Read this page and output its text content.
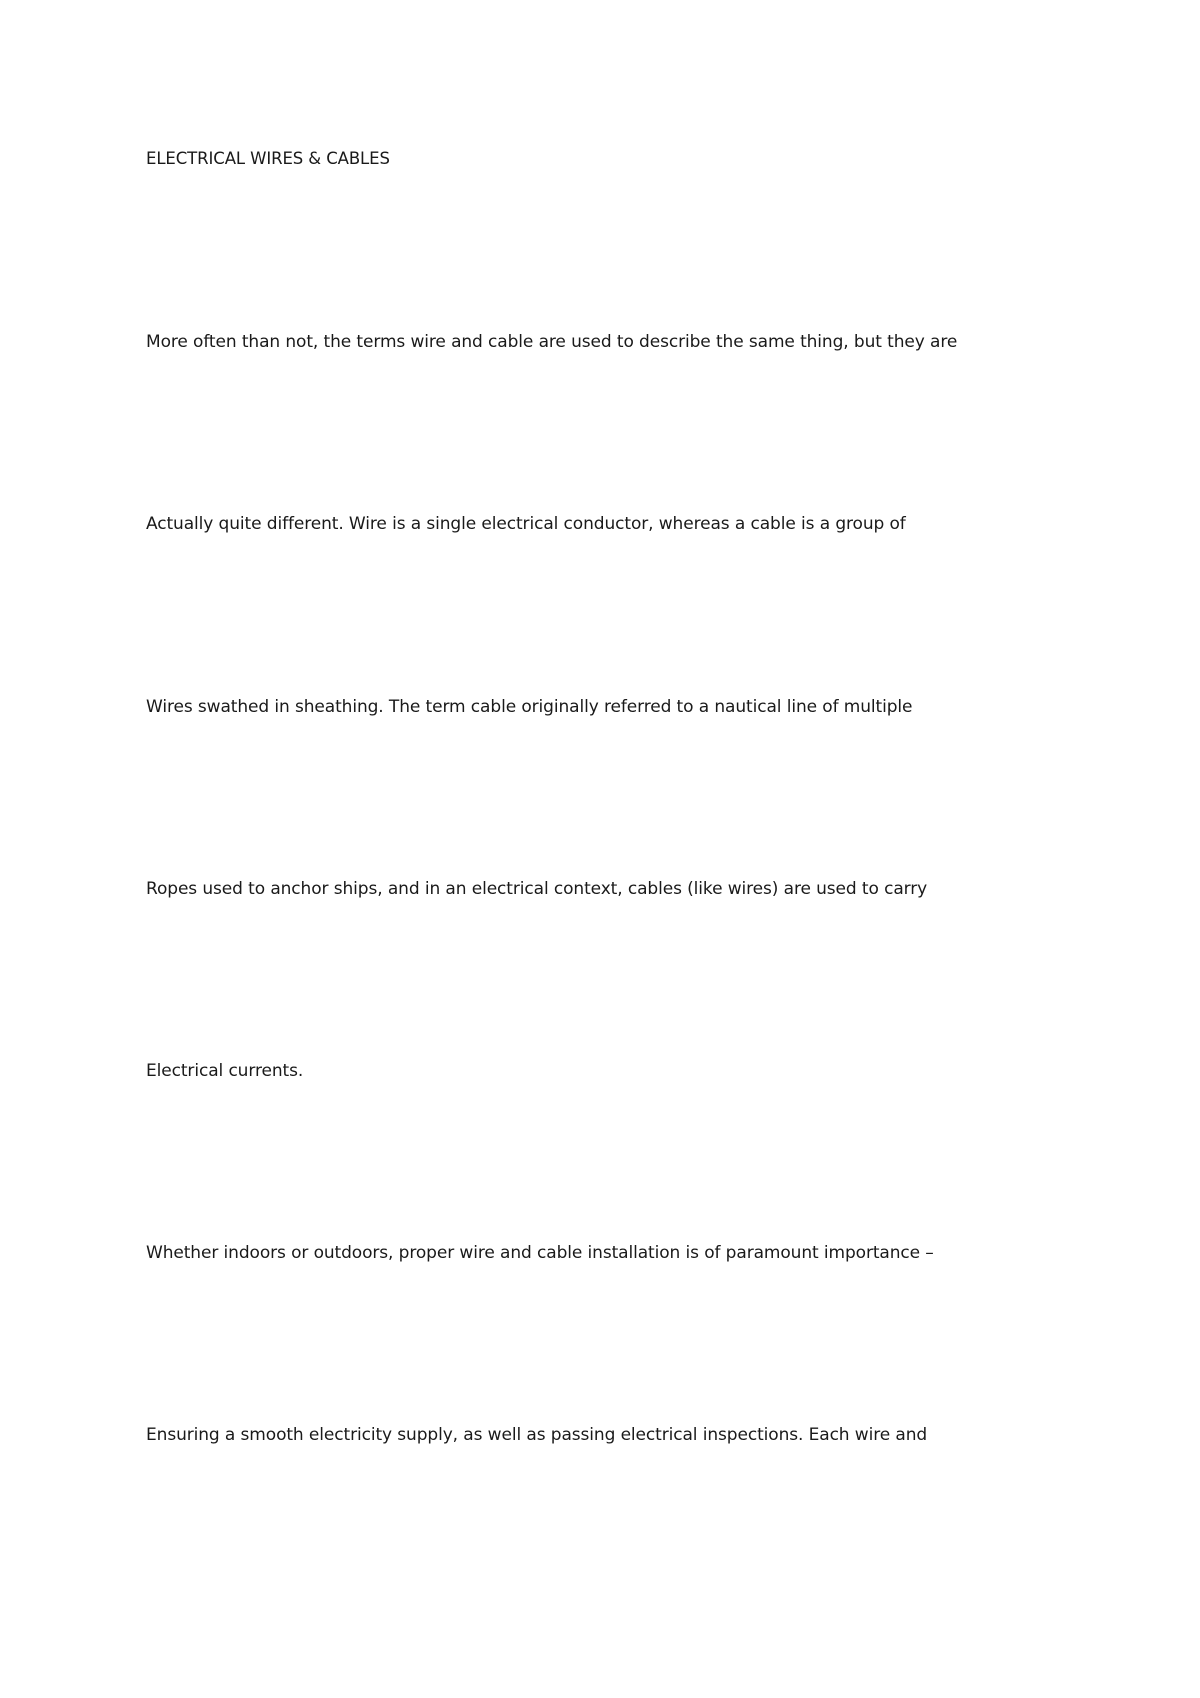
ELECTRICAL WIRES & CABLES
More often than not, the terms wire and cable are used to describe the same thing, but they are
Actually quite different. Wire is a single electrical conductor, whereas a cable is a group of
Wires swathed in sheathing. The term cable originally referred to a nautical line of multiple
Ropes used to anchor ships, and in an electrical context, cables (like wires) are used to carry
Electrical currents.
Whether indoors or outdoors, proper wire and cable installation is of paramount importance –
Ensuring a smooth electricity supply, as well as passing electrical inspections. Each wire and
